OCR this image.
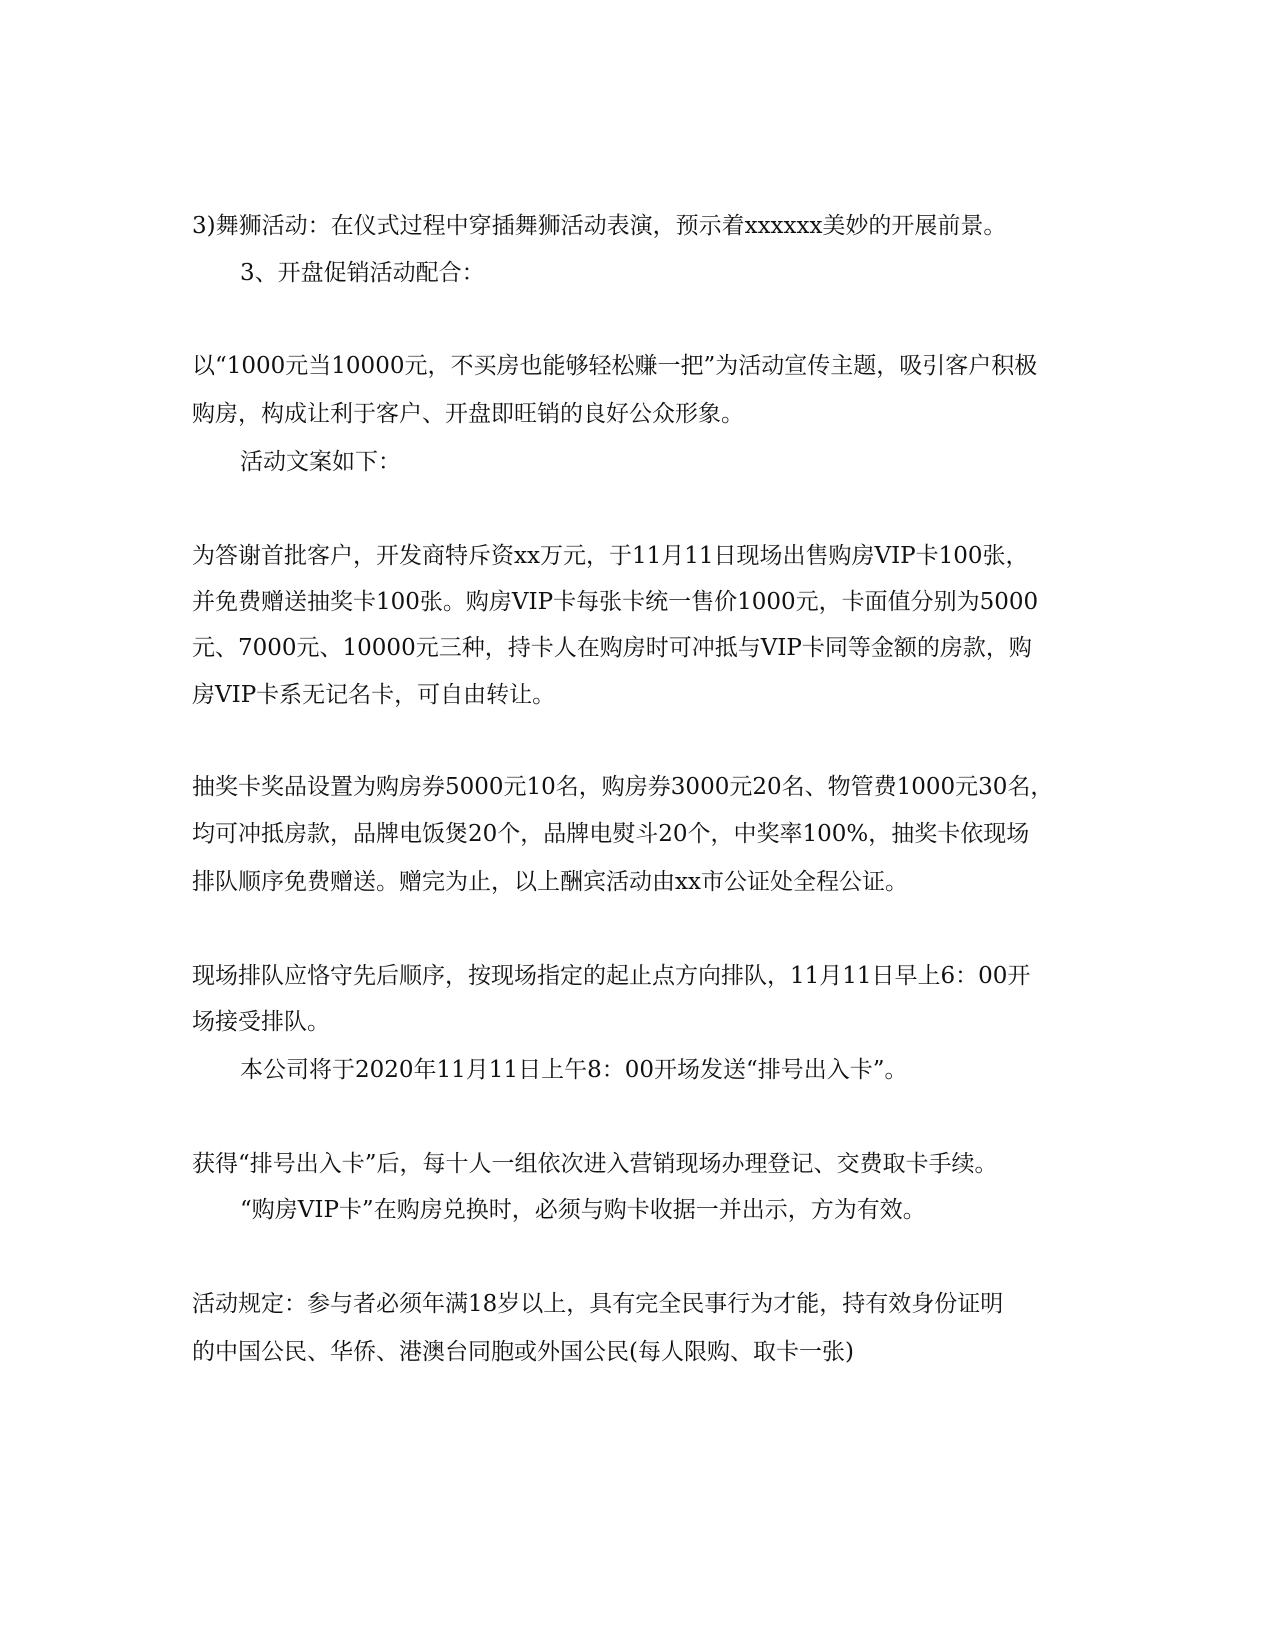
3)舞狮活动：在仪式过程中穿插舞狮活动表演，预示着xxxxxx美妙的开展前景。
3、开盘促销活动配合：
以“1000元当10000元，不买房也能够轻松赚一把”为活动宣传主题，吸引客户积极
购房，构成让利于客户、开盘即旺销的良好公众形象。
活动文案如下：
为答谢首批客户，开发商特斥资xx万元，于11月11日现场出售购房VIP卡100张，
并免费赠送抽奖卡100张。购房VIP卡每张卡统一售价1000元，卡面值分别为5000
元、7000元、10000元三种，持卡人在购房时可冲抵与VIP卡同等金额的房款，购
房VIP卡系无记名卡，可自由转让。
抽奖卡奖品设置为购房券5000元10名，购房券3000元20名、物管费1000元30名，
均可冲抵房款，品牌电饭煲20个，品牌电熨斗20个，中奖率100%，抽奖卡依现场
排队顺序免费赠送。赠完为止，以上酬宾活动由xx市公证处全程公证。
现场排队应恪守先后顺序，按现场指定的起止点方向排队，11月11日早上6：00开
场接受排队。
本公司将于2020年11月11日上午8：00开场发送“排号出入卡”。
获得“排号出入卡”后，每十人一组依次进入营销现场办理登记、交费取卡手续。
“购房VIP卡”在购房兑换时，必须与购卡收据一并出示，方为有效。
活动规定：参与者必须年满18岁以上，具有完全民事行为才能，持有效身份证明
的中国公民、华侨、港澳台同胞或外国公民(每人限购、取卡一张)
